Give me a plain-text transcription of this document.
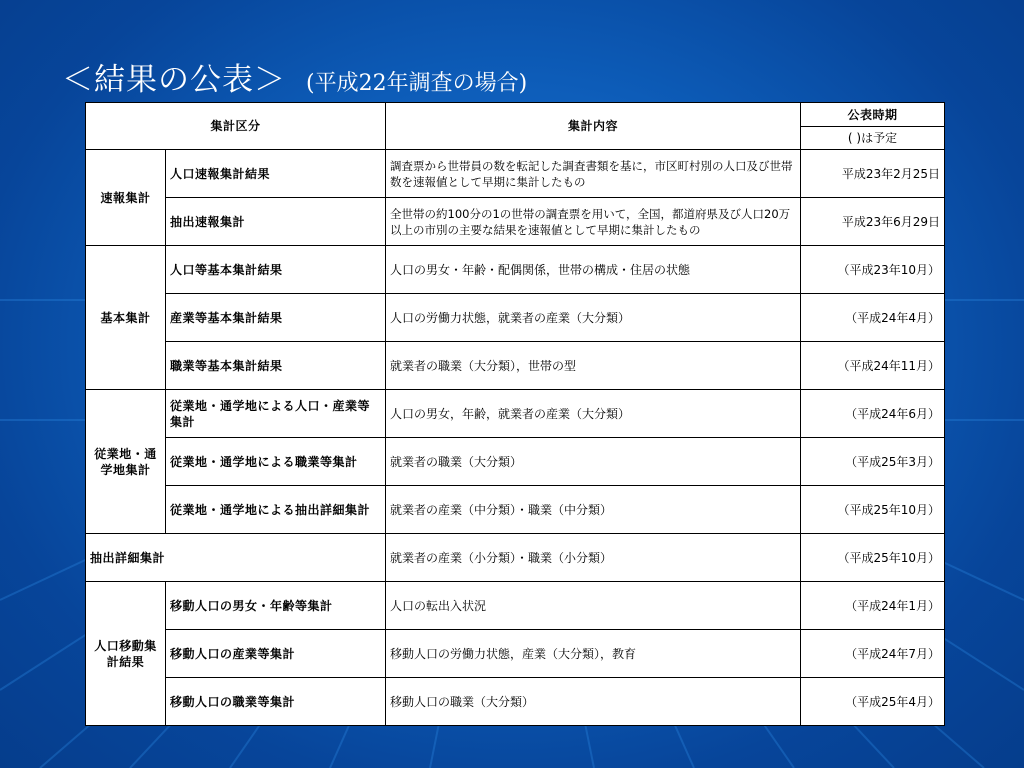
＜結果の公表＞ (平成22年調査の場合)
集計区分		集計内容	公表時期
			( )は予定
速報集計	人口速報集計結果	調査票から世帯員の数を転記した調査書類を基に，市区町村別の人口及び世帯数を速報値として早期に集計したもの	平成23年2月25日
	抽出速報集計	全世帯の約100分の1の世帯の調査票を用いて，全国，都道府県及び人口20万以上の市別の主要な結果を速報値として早期に集計したもの	平成23年6月29日
基本集計	人口等基本集計結果	人口の男女・年齢・配偶関係，世帯の構成・住居の状態	（平成23年10月）
	産業等基本集計結果	人口の労働力状態，就業者の産業（大分類）	（平成24年4月）
	職業等基本集計結果	就業者の職業（大分類），世帯の型	（平成24年11月）
従業地・通学地集計	従業地・通学地による人口・産業等集計	人口の男女，年齢，就業者の産業（大分類）	（平成24年6月）
	従業地・通学地による職業等集計	就業者の職業（大分類）	（平成25年3月）
	従業地・通学地による抽出詳細集計	就業者の産業（中分類）・職業（中分類）	（平成25年10月）
抽出詳細集計		就業者の産業（小分類）・職業（小分類）	（平成25年10月）
人口移動集計結果	移動人口の男女・年齢等集計	人口の転出入状況	（平成24年1月）
	移動人口の産業等集計	移動人口の労働力状態，産業（大分類），教育	（平成24年7月）
	移動人口の職業等集計	移動人口の職業（大分類）	（平成25年4月）
